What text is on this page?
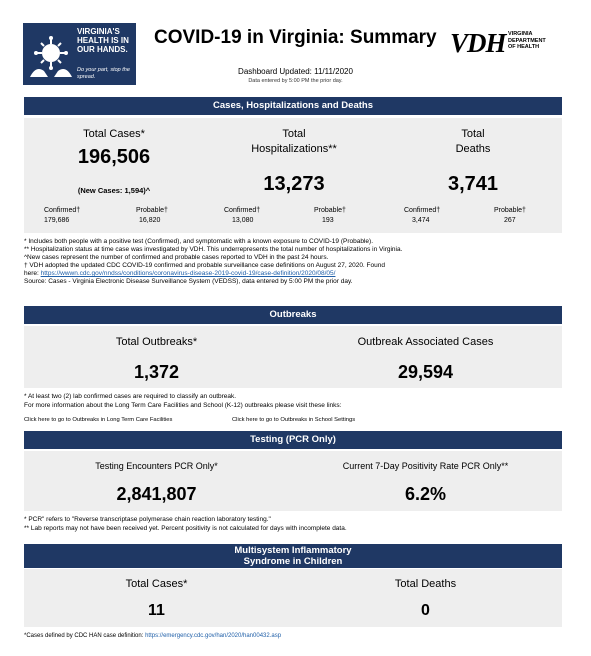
VIRGINIA'S HEALTH IS IN OUR HANDS.
Do your part, stop the spread.
COVID-19 in Virginia: Summary VDH VIRGINIA DEPARTMENT OF HEALTH
Dashboard Updated: 11/11/2020
Data entered by 5:00 PM the prior day.
Cases, Hospitalizations and Deaths
Total Cases*
196,506
(New Cases: 1,594)^
Confirmed†
179,686
Probable†
16,820
Total
Hospitalizations**
13,273
Confirmed†
13,080
Probable†
193
Total
Deaths
3,741
Confirmed†
3,474
Probable†
267
* Includes both people with a positive test (Confirmed), and symptomatic with a known exposure to COVID-19 (Probable).
** Hospitalization status at time case was investigated by VDH. This underrepresents the total number of hospitalizations in Virginia.
^New cases represent the number of confirmed and probable cases reported to VDH in the past 24 hours.
† VDH adopted the updated CDC COVID-19 confirmed and probable surveillance case definitions on August 27, 2020. Found
here: https://wwwn.cdc.gov/nndss/conditions/coronavirus-disease-2019-covid-19/case-definition/2020/08/05/
Source: Cases - Virginia Electronic Disease Surveillance System (VEDSS), data entered by 5:00 PM the prior day.
Outbreaks
Total Outbreaks*
1,372
Outbreak Associated Cases
29,594
* At least two (2) lab confirmed cases are required to classify an outbreak.
For more information about the Long Term Care Facilities and School (K-12) outbreaks please visit these links:
Click here to go to Outbreaks in Long Term Care Facilities	Click here to go to Outbreaks in School Settings
Testing (PCR Only)
Testing Encounters PCR Only*
2,841,807
Current 7-Day Positivity Rate PCR Only**
6.2%
* PCR" refers to "Reverse transcriptase polymerase chain reaction laboratory testing."
** Lab reports may not have been received yet. Percent positivity is not calculated for days with incomplete data.
Multisystem Inflammatory
Syndrome in Children
Total Cases*
11
Total Deaths
0
*Cases defined by CDC HAN case definition: https://emergency.cdc.gov/han/2020/han00432.asp
